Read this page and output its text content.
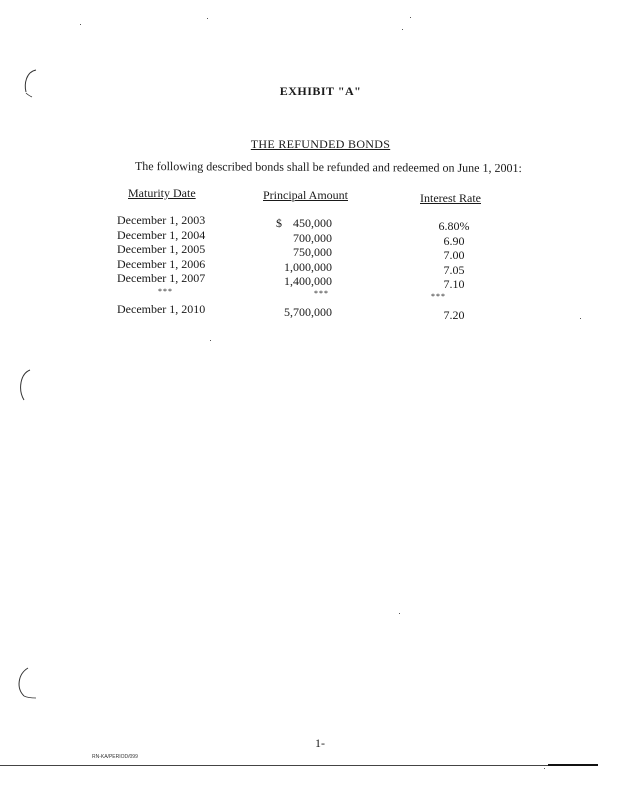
EXHIBIT "A"
THE REFUNDED BONDS
The following described bonds shall be refunded and redeemed on June 1, 2001:
Maturity Date	Principal Amount	Interest Rate
December 1, 2003	$ 450,000	6.80%
December 1, 2004	700,000	6.90
December 1, 2005	750,000	7.00
December 1, 2006	1,000,000	7.05
December 1, 2007	1,400,000	7.10
***	***	***
December 1, 2010	5,700,000	7.20
1-
RN-KA/PERIOD/099
